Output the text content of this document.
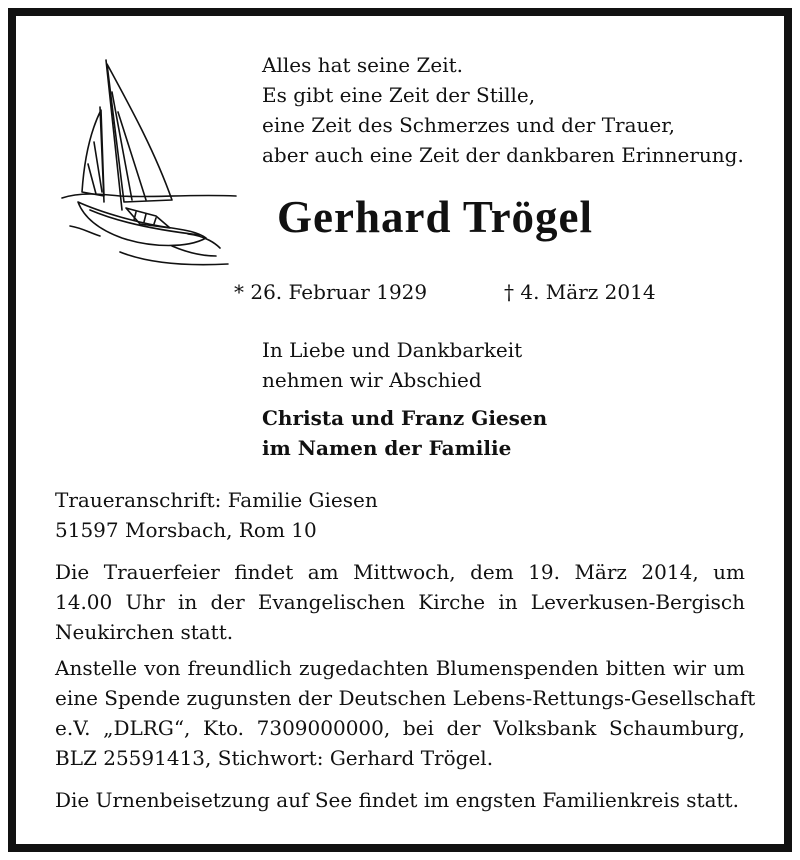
Alles hat seine Zeit.
Es gibt eine Zeit der Stille,
eine Zeit des Schmerzes und der Trauer,
aber auch eine Zeit der dankbaren Erinnerung.
Gerhard Trögel
* 26. Februar 1929	† 4. März 2014
In Liebe und Dankbarkeit
nehmen wir Abschied
Christa und Franz Giesen
im Namen der Familie
Traueranschrift: Familie Giesen
51597 Morsbach, Rom 10
Die Trauerfeier findet am Mittwoch, dem 19. März 2014, um
14.00 Uhr in der Evangelischen Kirche in Leverkusen-Bergisch
Neukirchen statt.
Anstelle von freundlich zugedachten Blumenspenden bitten wir um
eine Spende zugunsten der Deutschen Lebens-Rettungs-Gesellschaft
e.V. „DLRG“, Kto. 7309000000, bei der Volksbank Schaumburg,
BLZ 25591413, Stichwort: Gerhard Trögel.
Die Urnenbeisetzung auf See findet im engsten Familienkreis statt.
